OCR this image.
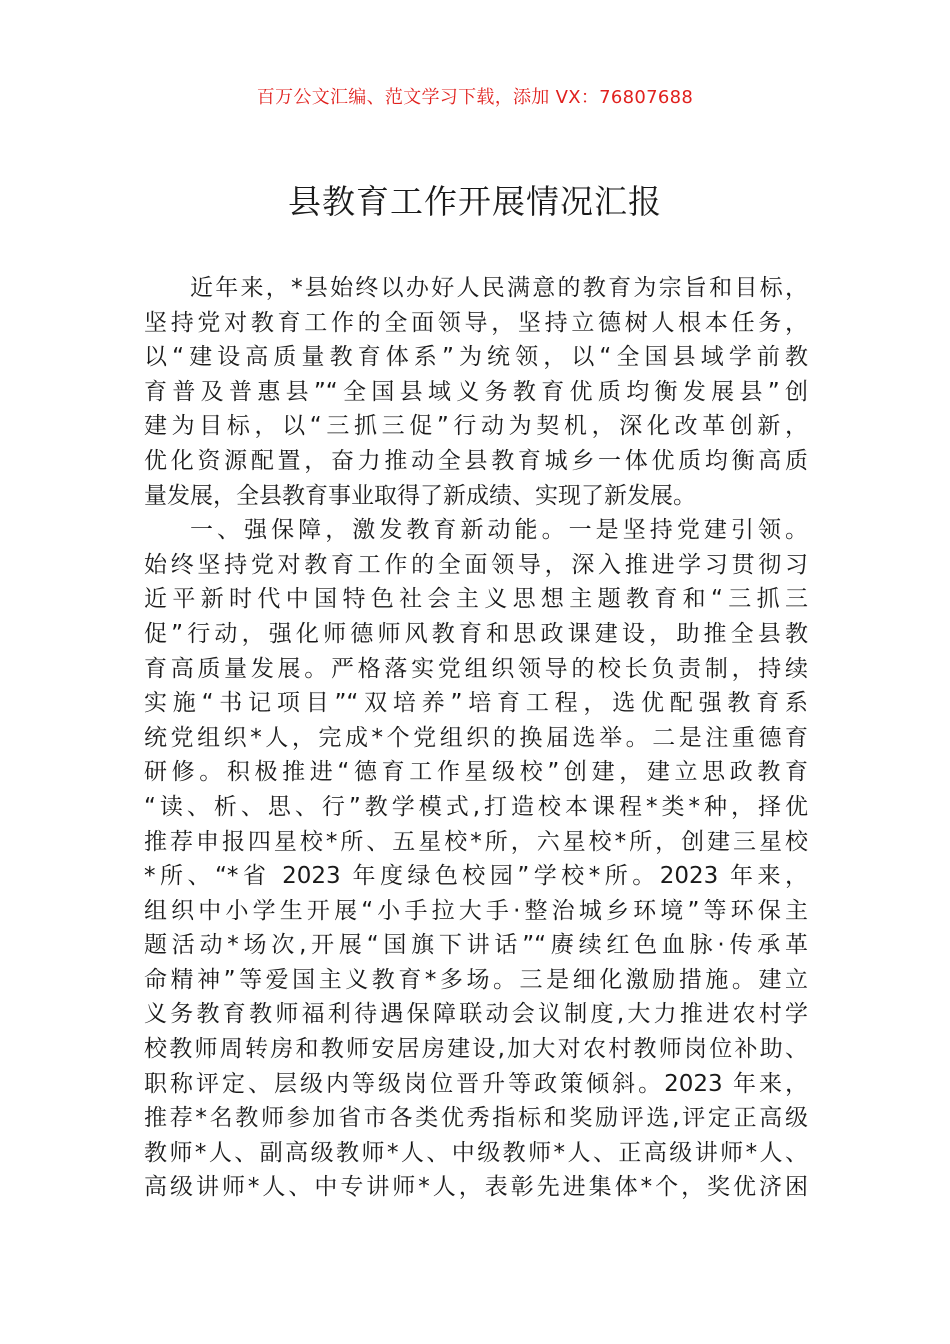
百万公文汇编、范文学习下载，添加 VX：76807688
县教育工作开展情况汇报
近年来，*县始终以办好人民满意的教育为宗旨和目标，
坚持党对教育工作的全面领导，坚持立德树人根本任务，
以“建设高质量教育体系”为统领，以“全国县域学前教
育普及普惠县”“全国县域义务教育优质均衡发展县”创
建为目标，以“三抓三促”行动为契机，深化改革创新，
优化资源配置，奋力推动全县教育城乡一体优质均衡高质
量发展，全县教育事业取得了新成绩、实现了新发展。
一、强保障，激发教育新动能。一是坚持党建引领。
始终坚持党对教育工作的全面领导，深入推进学习贯彻习
近平新时代中国特色社会主义思想主题教育和“三抓三
促”行动，强化师德师风教育和思政课建设，助推全县教
育高质量发展。严格落实党组织领导的校长负责制，持续
实施“书记项目”“双培养”培育工程，选优配强教育系
统党组织*人，完成*个党组织的换届选举。二是注重德育
研修。积极推进“德育工作星级校”创建，建立思政教育
“读、析、思、行”教学模式,打造校本课程*类*种，择优
推荐申报四星校*所、五星校*所，六星校*所，创建三星校
*所、“*省 2023 年度绿色校园”学校*所。2023 年来，
组织中小学生开展“小手拉大手·整治城乡环境”等环保主
题活动*场次,开展“国旗下讲话”“赓续红色血脉·传承革
命精神”等爱国主义教育*多场。三是细化激励措施。建立
义务教育教师福利待遇保障联动会议制度,大力推进农村学
校教师周转房和教师安居房建设,加大对农村教师岗位补助、
职称评定、层级内等级岗位晋升等政策倾斜。2023 年来，
推荐*名教师参加省市各类优秀指标和奖励评选,评定正高级
教师*人、副高级教师*人、中级教师*人、正高级讲师*人、
高级讲师*人、中专讲师*人，表彰先进集体*个，奖优济困
